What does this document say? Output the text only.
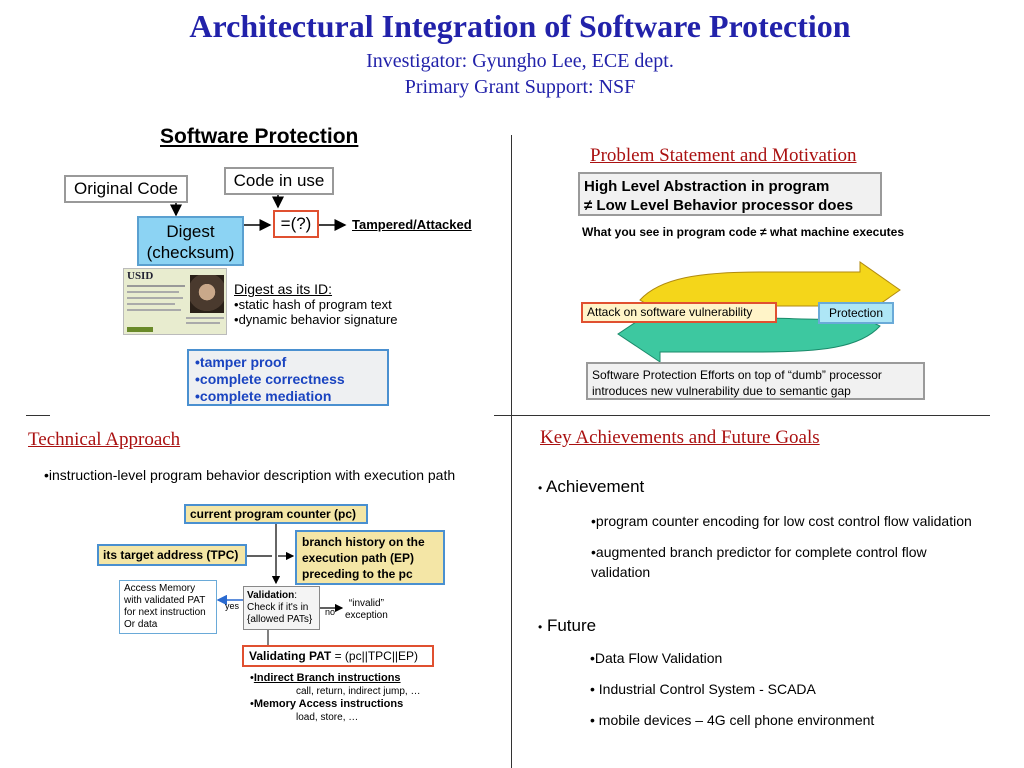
Architectural Integration of Software Protection
Investigator: Gyungho Lee, ECE dept.
Primary Grant Support: NSF
Software Protection
Original Code	Code in use
Digest
(checksum)
=(?)	Tampered/Attacked
USID
Digest as its ID:
• static hash of program text
• dynamic behavior signature
• tamper proof
• complete correctness
• complete mediation
Problem Statement and Motivation
High Level Abstraction in program
≠ Low Level Behavior processor does
What you see in program code ≠ what machine executes
Attack on software vulnerability	Protection
Software Protection Efforts on top of “dumb” processor
introduces new vulnerability due to semantic gap
Technical Approach
• instruction-level program behavior description with execution path
current program counter (pc)
its target address (TPC)
branch history on the
execution path (EP)
preceding to the pc
Access Memory
with validated PAT
for next instruction
Or data
yes
Validation:
Check if it's in
{allowed PATs}
no
“invalid”
exception
Validating PAT = (pc||TPC||EP)
• Indirect Branch instructions
call, return, indirect jump, …
• Memory Access instructions
load, store, …
Key Achievements and Future Goals
• Achievement
• program counter encoding for low cost control flow validation
• augmented branch predictor for complete control flow validation
• Future
•Data Flow Validation
• Industrial Control System - SCADA
• mobile devices – 4G cell phone environment
